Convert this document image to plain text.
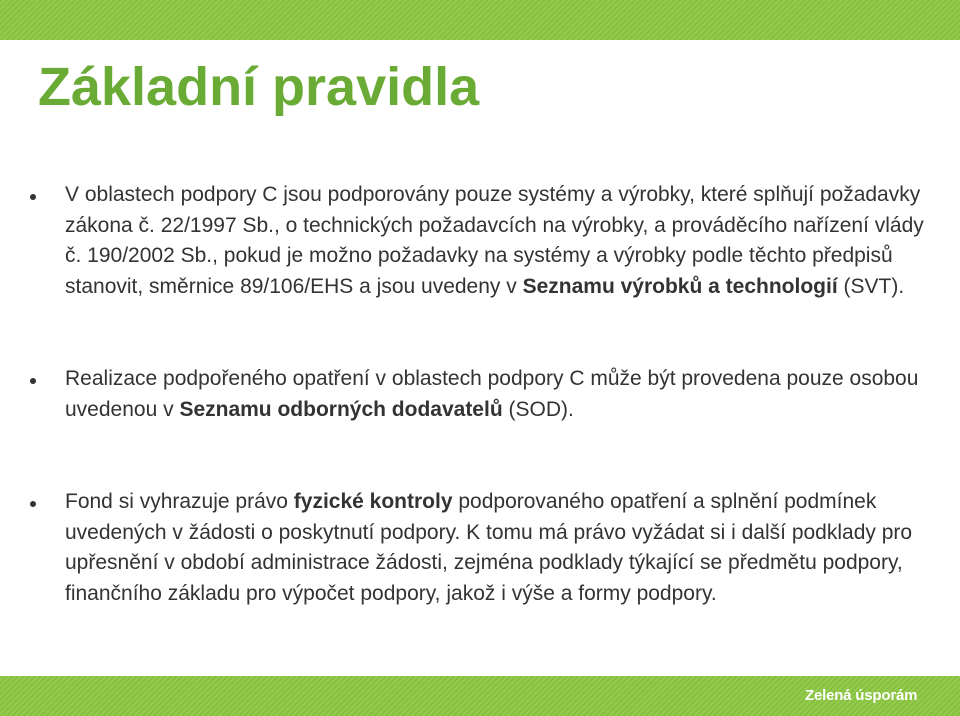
Základní pravidla
V oblastech podpory C jsou podporovány pouze systémy a výrobky, které splňují požadavky
zákona č. 22/1997 Sb., o technických požadavcích na výrobky, a prováděcího nařízení vlády
č. 190/2002 Sb., pokud je možno požadavky na systémy a výrobky podle těchto předpisů
stanovit, směrnice 89/106/EHS a jsou uvedeny v Seznamu výrobků a technologií (SVT).
Realizace podpořeného opatření v oblastech podpory C může být provedena pouze osobou
uvedenou v Seznamu odborných dodavatelů (SOD).
Fond si vyhrazuje právo fyzické kontroly podporovaného opatření a splnění podmínek
uvedených v žádosti o poskytnutí podpory. K tomu má právo vyžádat si i další podklady pro
upřesnění v období administrace žádosti, zejména podklady týkající se předmětu podpory,
finančního základu pro výpočet podpory, jakož i výše a formy podpory.
Zelená úsporám
